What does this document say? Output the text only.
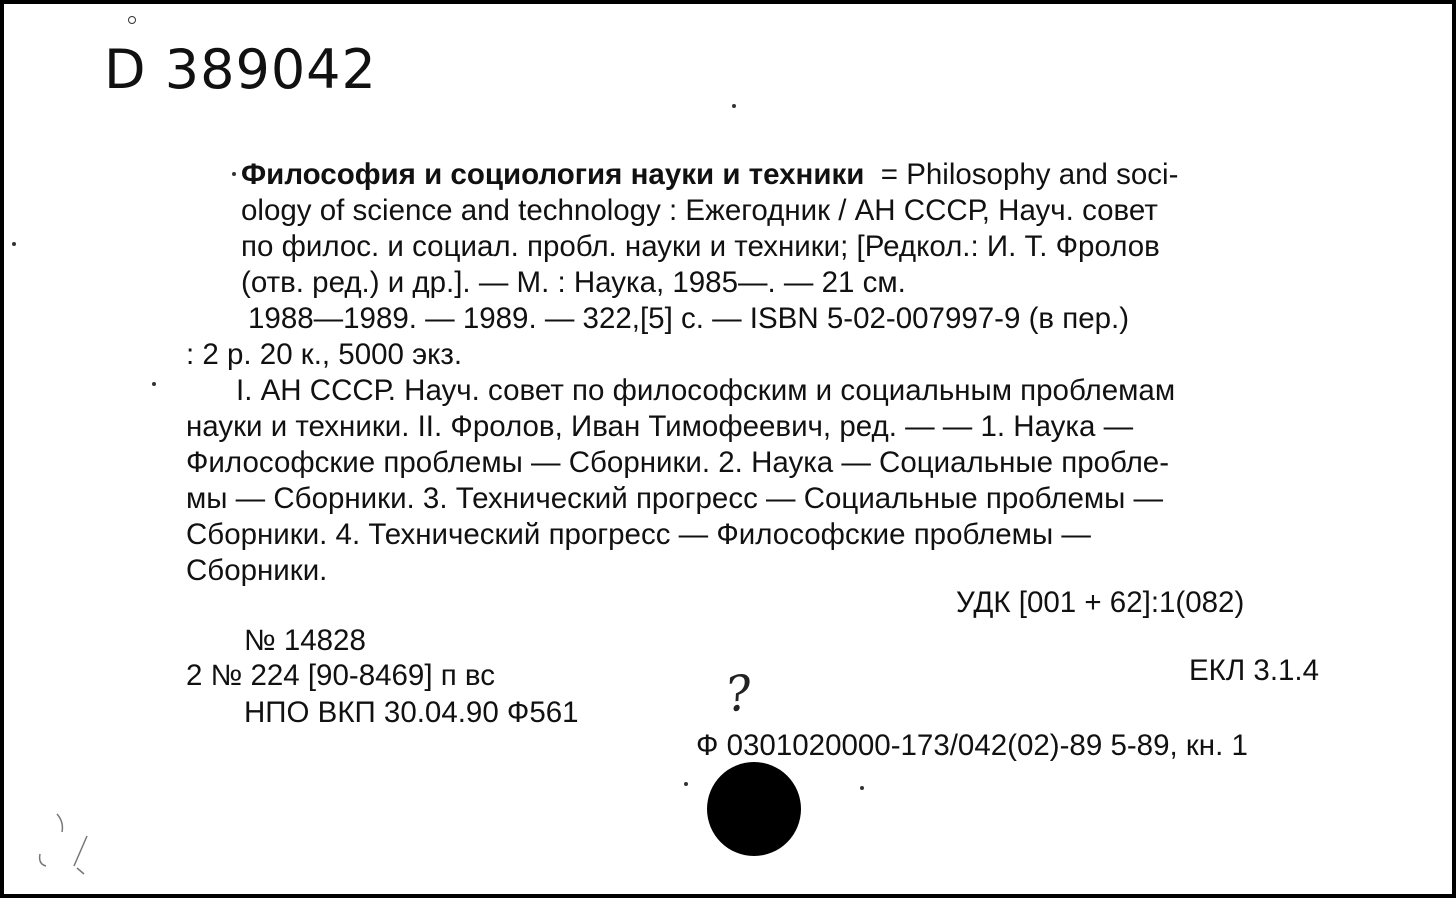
D 389042
Философия и социология науки и техники = Philosophy and soci-
ology of science and technology : Ежегодник / АН СССР, Науч. совет
по филос. и социал. пробл. науки и техники; [Редкол.: И. Т. Фролов
(отв. ред.) и др.]. — М. : Наука, 1985—. — 21 см.
1988—1989. — 1989. — 322,[5] с. — ISBN 5-02-007997-9 (в пер.)
: 2 р. 20 к., 5000 экз.
I. АН СССР. Науч. совет по философским и социальным проблемам
науки и техники. II. Фролов, Иван Тимофеевич, ред. — — 1. Наука —
Философские проблемы — Сборники. 2. Наука — Социальные пробле-
мы — Сборники. 3. Технический прогресс — Социальные проблемы —
Сборники. 4. Технический прогресс — Философские проблемы —
Сборники.
УДК [001 + 62]:1(082)
№ 14828
2 № 224 [90-8469] п вс	ЕКЛ 3.1.4
НПО ВКП 30.04.90 Ф561	?
Ф 0301020000-173/042(02)-89 5-89, кн. 1
